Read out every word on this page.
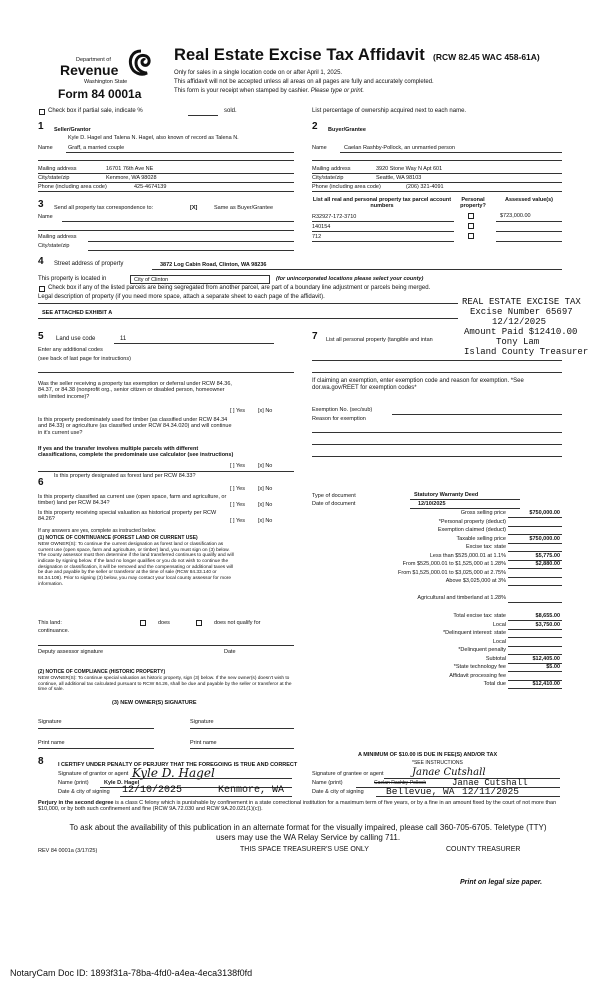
Department of
Revenue
Washington State
Form 84 0001a
Real Estate Excise Tax Affidavit (RCW 82.45 WAC 458-61A)
Only for sales in a single location code on or after April 1, 2025.
This affidavit will not be accepted unless all areas on all pages are fully and accurately completed.
This form is your receipt when stamped by cashier. Please type or print.
Check box if partial sale, indicate %	sold.	List percentage of ownership acquired next to each name.
1 Seller/Grantor
Kyle D. Hagel and Talena N. Hagel, also known of record as Talena N.
Name	Graff, a married couple
Mailing address	16701 76th Ave NE
City/state/zip	Kenmore, WA 98028
Phone (including area code)	425-4674139
2 Buyer/Grantee
Name	Caelan Rashby-Pollock, an unmarried person
Mailing address	3920 Stone Way N Apt 601
City/state/zip	Seattle, WA 98103
Phone (including area code)	(206) 321-4091
3 Send all property tax correspondence to:	[X]	Same as Buyer/Grantee
Name
Mailing address
City/state/zip
List all real and personal property tax parcel account numbers
Personal property?
Assessed value(s)
R32927-172-3710	$723,000.00
140154
712
4 Street address of property	3872 Log Cabin Road, Clinton, WA 98236
This property is located in	City of Clinton	(for unincorporated locations please select your county)
Check box if any of the listed parcels are being segregated from another parcel, are part of a boundary line adjustment or parcels being merged.
Legal description of property (if you need more space, attach a separate sheet to each page of the affidavit).
SEE ATTACHED EXHIBIT A
REAL ESTATE EXCISE TAX
Excise Number 65697
12/12/2025
Amount Paid $12410.00
Tony Lam
Island County Treasurer
5 Land use code	11
Enter any additional codes
(see back of last page for instructions)
7 List all personal property (tangible and intan
Was the seller receiving a property tax exemption or deferral under RCW 84.36, 84.37, or 84.38 (nonprofit org., senior citizen or disabled person, homeowner with limited income)?
[ ] Yes [x] No
Is this property predominately used for timber (as classified under RCW 84.34 and 84.33) or agriculture (as classified under RCW 84.34.020) and will continue in it's current use?
If yes and the transfer involves multiple parcels with different classifications, complete the predominate use calculator (see instructions)
[ ] Yes [x] No
If claiming an exemption, enter exemption code and reason for exemption. *See dor.wa.gov/REET for exemption codes*
Exemption No. (sec/sub)
Reason for exemption
6
Is this property designated as forest land per RCW 84.33?
[ ] Yes [x] No
Is this property classified as current use (open space, farm and agriculture, or timber) land per RCW 84.34?	[ ] Yes [x] No
Is this property receiving special valuation as historical property per RCW 84.26?	[ ] Yes [x] No
If any answers are yes, complete as instructed below.
(1) NOTICE OF CONTINUANCE (FOREST LAND OR CURRENT USE)
NEW OWNER(S): To continue the current designation as forest land or classification as current use (open space, farm and agriculture, or timber) land, you must sign on (3) below. The county assessor must then determine if the land transferred continues to qualify and will indicate by signing below. If the land no longer qualifies or you do not wish to continue the designation or classification, it will be removed and the compensating or additional taxes will be due and payable by the seller or transferor at the time of sale (RCW 84.33.140 or 84.34.108). Prior to signing (3) below, you may contact your local county assessor for more information.
This land:	does	does not qualify for
continuance.
Deputy assessor signature	Date
(2) NOTICE OF COMPLIANCE (HISTORIC PROPERTY)
NEW OWNER(S): To continue special valuation as historic property, sign (3) below. If the new owner(s) doesn't wish to continue, all additional tax calculated pursuant to RCW 84.26, shall be due and payable by the seller or transferor at the time of sale.
(3) NEW OWNER(S) SIGNATURE
Signature	Signature
Print name	Print name
Type of document	Statutory Warranty Deed
Date of document	12/10/2025
Gross selling price	$750,000.00
*Personal property (deduct)
Exemption claimed (deduct)
Taxable selling price	$750,000.00
Excise tax: state
Less than $525,000.01 at 1.1%	$5,775.00
From $525,000.01 to $1,525,000 at 1.28%	$2,880.00
From $1,525,000.01 to $3,025,000 at 2.75%
Above $3,025,000 at 3%
Agricultural and timberland at 1.28%
Total excise tax: state	$8,655.00
Local	$3,750.00
*Delinquent interest: state
Local
*Delinquent penalty
Subtotal	$12,405.00
*State technology fee	$5.00
Affidavit processing fee
Total due	$12,410.00
A MINIMUM OF $10.00 IS DUE IN FEE(S) AND/OR TAX
*SEE INSTRUCTIONS
8	I CERTIFY UNDER PENALTY OF PERJURY THAT THE FOREGOING IS TRUE AND CORRECT
Signature of grantor or agent Kyle D. Hagel
Name (print)	Kyle D. Hagel
Date & city of signing 12/10/2025	Kenmore, WA
Signature of grantee or agent	Janae Cutshall
Name (print)	Caelan Rashby-Pollock	Janae Cutshall
Date & city of signing Bellevue, WA 12/11/2025
Perjury in the second degree is a class C felony which is punishable by confinement in a state correctional institution for a maximum term of five years, or by a fine in an amount fixed by the court of not more than $10,000, or by both such confinement and fine (RCW 9A.72.030 and RCW 9A.20.021(1)(c)).
To ask about the availability of this publication in an alternate format for the visually impaired, please call 360-705-6705. Teletype (TTY) users may use the WA Relay Service by calling 711.
REV 84 0001a (3/17/25)	THIS SPACE TREASURER'S USE ONLY	COUNTY TREASURER
Print on legal size paper.
NotaryCam Doc ID: 1893f31a-78ba-4fd0-a4ea-4eca3138f0fd
